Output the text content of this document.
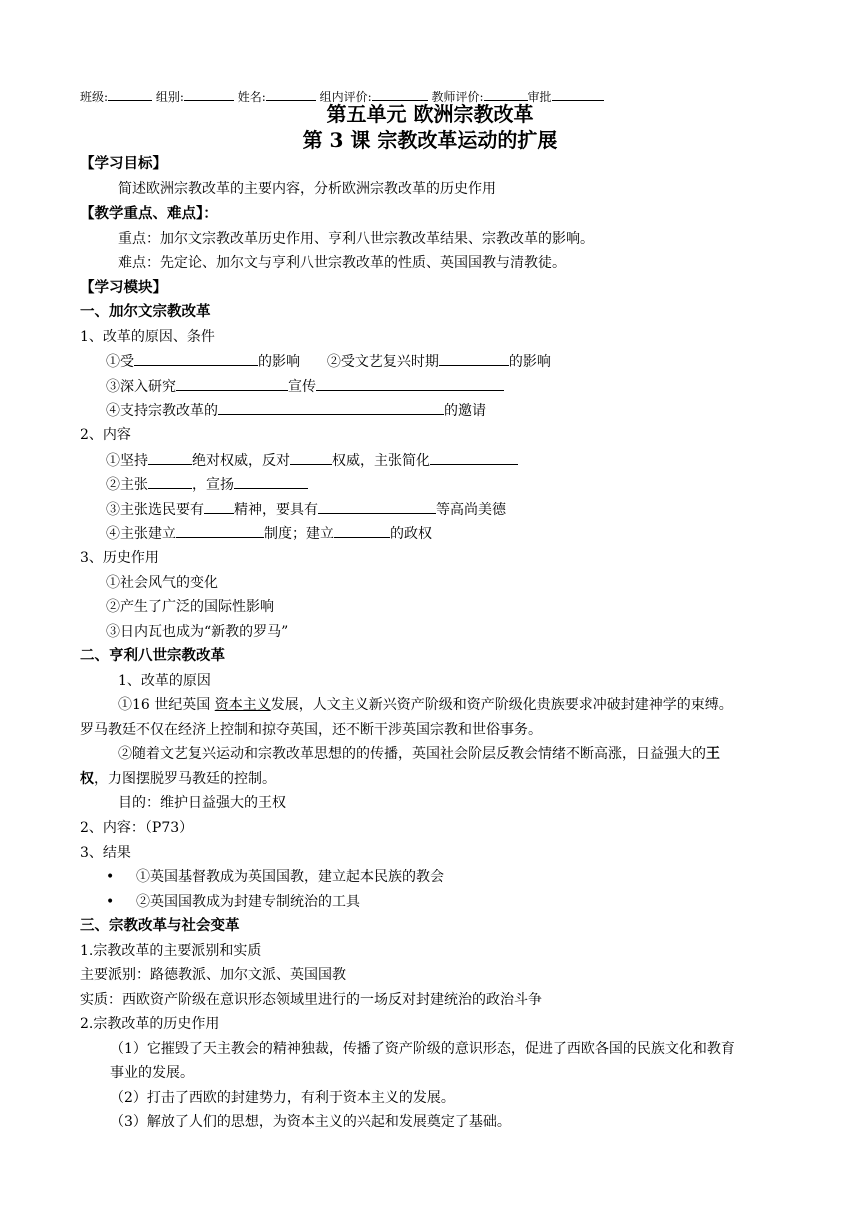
班级:	组别:	姓名:	组内评价:	教师评价:	审批
第五单元 欧洲宗教改革
第 3 课 宗教改革运动的扩展
【学习目标】
简述欧洲宗教改革的主要内容，分析欧洲宗教改革的历史作用
【教学重点、难点】：
重点：加尔文宗教改革历史作用、亨利八世宗教改革结果、宗教改革的影响。
难点：先定论、加尔文与亨利八世宗教改革的性质、英国国教与清教徒。
【学习模块】
一、加尔文宗教改革
1、改革的原因、条件
①受	的影响 ②受文艺复兴时期	的影响
③深入研究	宣传
④支持宗教改革的	的邀请
2、内容
①坚持	绝对权威，反对	权威，主张简化
②主张	，宣扬
③主张选民要有 精神，要具有	等高尚美德
④主张建立	制度；建立	的政权
3、历史作用
①社会风气的变化
②产生了广泛的国际性影响
③日内瓦也成为“新教的罗马”
二、亨利八世宗教改革
1、改革的原因
①16 世纪英国 资本主义发展，人文主义新兴资产阶级和资产阶级化贵族要求冲破封建神学的束缚。
罗马教廷不仅在经济上控制和掠夺英国，还不断干涉英国宗教和世俗事务。
②随着文艺复兴运动和宗教改革思想的的传播，英国社会阶层反教会情绪不断高涨，日益强大的王
权，力图摆脱罗马教廷的控制。
目的：维护日益强大的王权
2、内容：（P73）
3、结果
• ①英国基督教成为英国国教，建立起本民族的教会
• ②英国国教成为封建专制统治的工具
三、宗教改革与社会变革
1.宗教改革的主要派别和实质
主要派别：路德教派、加尔文派、英国国教
实质：西欧资产阶级在意识形态领域里进行的一场反对封建统治的政治斗争
2.宗教改革的历史作用
（1）它摧毁了天主教会的精神独裁，传播了资产阶级的意识形态，促进了西欧各国的民族文化和教育
事业的发展。
（2）打击了西欧的封建势力，有利于资本主义的发展。
（3）解放了人们的思想，为资本主义的兴起和发展奠定了基础。
